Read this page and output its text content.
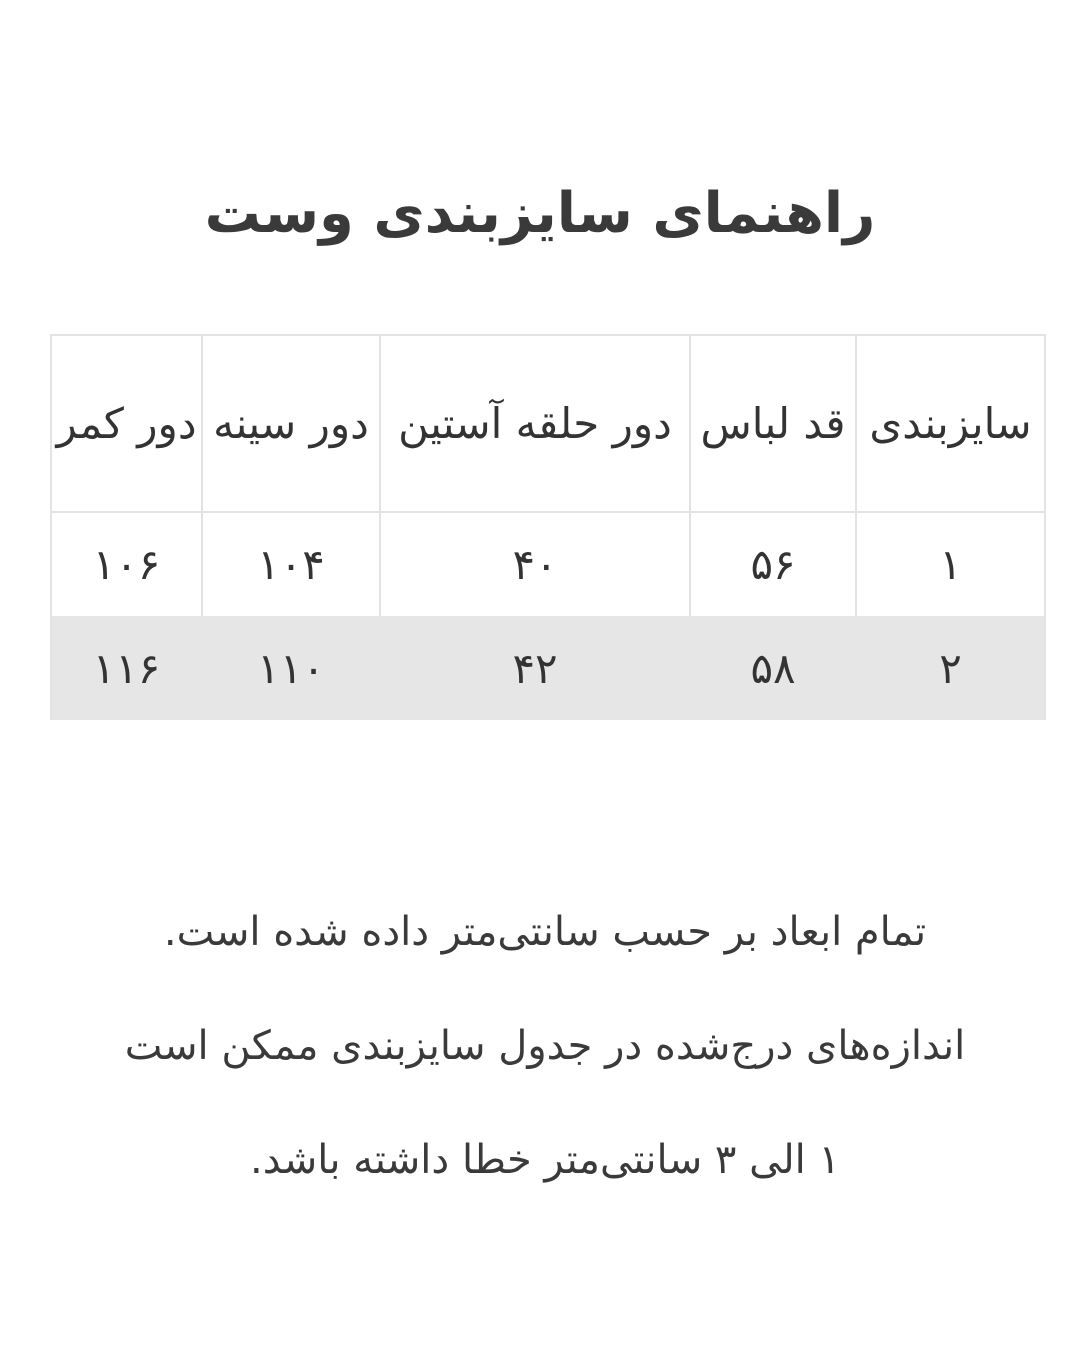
راهنمای سایزبندی وست
سایزبندی	قد لباس	دور حلقه آستین	دور سینه	دور کمر
۱	۵۶	۴۰	۱۰۴	۱۰۶
۲	۵۸	۴۲	۱۱۰	۱۱۶
تمام ابعاد بر حسب سانتی‌متر داده شده است.
اندازه‌های درج‌شده در جدول سایزبندی ممکن است
۱ الی ۳ سانتی‌متر خطا داشته باشد.
